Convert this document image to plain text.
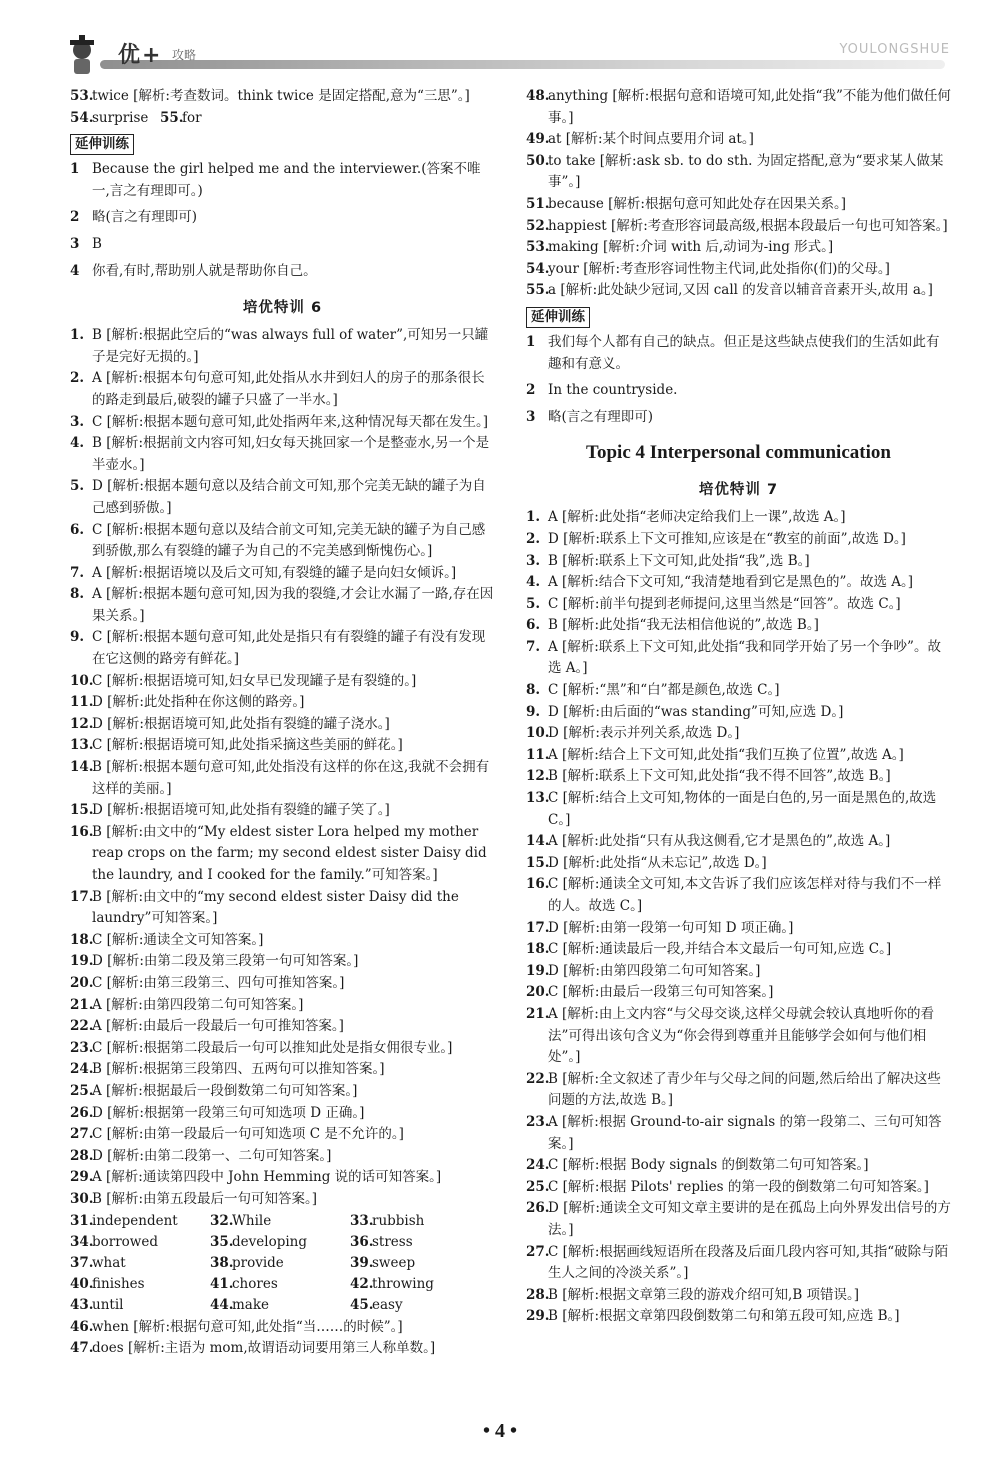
优+ 攻略	YOULONGSHUE
53.twice [解析:考查数词。think twice 是固定搭配,意为“三思”。]
54.surprise 55.for
延伸训练
1 Because the girl helped me and the interviewer.(答案不唯一,言之有理即可。)
2 略(言之有理即可)
3 B
4 你看,有时,帮助别人就是帮助你自己。
培优特训 6
1. B [解析:根据此空后的“was always full of water”,可知另一只罐子是完好无损的。]
2. A [解析:根据本句句意可知,此处指从水井到妇人的房子的那条很长的路走到最后,破裂的罐子只盛了一半水。]
3. C [解析:根据本题句意可知,此处指两年来,这种情况每天都在发生。]
4. B [解析:根据前文内容可知,妇女每天挑回家一个是整壶水,另一个是半壶水。]
5. D [解析:根据本题句意以及结合前文可知,那个完美无缺的罐子为自己感到骄傲。]
6. C [解析:根据本题句意以及结合前文可知,完美无缺的罐子为自己感到骄傲,那么有裂缝的罐子为自己的不完美感到惭愧伤心。]
7. A [解析:根据语境以及后文可知,有裂缝的罐子是向妇女倾诉。]
8. A [解析:根据本题句意可知,因为我的裂缝,才会让水漏了一路,存在因果关系。]
9. C [解析:根据本题句意可知,此处是指只有有裂缝的罐子有没有发现在它这侧的路旁有鲜花。]
10.C [解析:根据语境可知,妇女早已发现罐子是有裂缝的。]
11.D [解析:此处指种在你这侧的路旁。]
12.D [解析:根据语境可知,此处指有裂缝的罐子浇水。]
13.C [解析:根据语境可知,此处指采摘这些美丽的鲜花。]
14.B [解析:根据本题句意可知,此处指没有这样的你在这,我就不会拥有这样的美丽。]
15.D [解析:根据语境可知,此处指有裂缝的罐子笑了。]
16.B [解析:由文中的“My eldest sister Lora helped my mother reap crops on the farm; my second eldest sister Daisy did the laundry, and I cooked for the family.”可知答案。]
17.B [解析:由文中的“my second eldest sister Daisy did the laundry”可知答案。]
18.C [解析:通读全文可知答案。]
19.D [解析:由第二段及第三段第一句可知答案。]
20.C [解析:由第三段第三、四句可推知答案。]
21.A [解析:由第四段第二句可知答案。]
22.A [解析:由最后一段最后一句可推知答案。]
23.C [解析:根据第二段最后一句可以推知此处是指女佣很专业。]
24.B [解析:根据第三段第四、五两句可以推知答案。]
25.A [解析:根据最后一段倒数第二句可知答案。]
26.D [解析:根据第一段第三句可知选项 D 正确。]
27.C [解析:由第一段最后一句可知选项 C 是不允许的。]
28.D [解析:由第二段第一、二句可知答案。]
29.A [解析:通读第四段中 John Hemming 说的话可知答案。]
30.B [解析:由第五段最后一句可知答案。]
31.independent	32.While	33.rubbish
34.borrowed	35.developing	36.stress
37.what	38.provide	39.sweep
40.finishes	41.chores	42.throwing
43.until	44.make	45.easy
46.when [解析:根据句意可知,此处指“当……的时候”。]
47.does [解析:主语为 mom,故谓语动词要用第三人称单数。]
48.anything [解析:根据句意和语境可知,此处指“我”不能为他们做任何事。]
49.at [解析:某个时间点要用介词 at。]
50.to take [解析:ask sb. to do sth. 为固定搭配,意为“要求某人做某事”。]
51.because [解析:根据句意可知此处存在因果关系。]
52.happiest [解析:考查形容词最高级,根据本段最后一句也可知答案。]
53.making [解析:介词 with 后,动词为-ing 形式。]
54.your [解析:考查形容词性物主代词,此处指你(们)的父母。]
55.a [解析:此处缺少冠词,又因 call 的发音以辅音音素开头,故用 a。]
延伸训练
1 我们每个人都有自己的缺点。但正是这些缺点使我们的生活如此有趣和有意义。
2 In the countryside.
3 略(言之有理即可)
Topic 4 Interpersonal communication
培优特训 7
1. A [解析:此处指“老师决定给我们上一课”,故选 A。]
2. D [解析:联系上下文可推知,应该是在“教室的前面”,故选 D。]
3. B [解析:联系上下文可知,此处指“我”,选 B。]
4. A [解析:结合下文可知,“我清楚地看到它是黑色的”。故选 A。]
5. C [解析:前半句提到老师提问,这里当然是“回答”。故选 C。]
6. B [解析:此处指“我无法相信他说的”,故选 B。]
7. A [解析:联系上下文可知,此处指“我和同学开始了另一个争吵”。故选 A。]
8. C [解析:“黑”和“白”都是颜色,故选 C。]
9. D [解析:由后面的“was standing”可知,应选 D。]
10.D [解析:表示并列关系,故选 D。]
11.A [解析:结合上下文可知,此处指“我们互换了位置”,故选 A。]
12.B [解析:联系上下文可知,此处指“我不得不回答”,故选 B。]
13.C [解析:结合上文可知,物体的一面是白色的,另一面是黑色的,故选 C。]
14.A [解析:此处指“只有从我这侧看,它才是黑色的”,故选 A。]
15.D [解析:此处指“从未忘记”,故选 D。]
16.C [解析:通读全文可知,本文告诉了我们应该怎样对待与我们不一样的人。故选 C。]
17.D [解析:由第一段第一句可知 D 项正确。]
18.C [解析:通读最后一段,并结合本文最后一句可知,应选 C。]
19.D [解析:由第四段第二句可知答案。]
20.C [解析:由最后一段第三句可知答案。]
21.A [解析:由上文内容“与父母交谈,这样父母就会较认真地听你的看法”可得出该句含义为“你会得到尊重并且能够学会如何与他们相处”。]
22.B [解析:全文叙述了青少年与父母之间的问题,然后给出了解决这些问题的方法,故选 B。]
23.A [解析:根据 Ground-to-air signals 的第一段第二、三句可知答案。]
24.C [解析:根据 Body signals 的倒数第二句可知答案。]
25.C [解析:根据 Pilots' replies 的第一段的倒数第二句可知答案。]
26.D [解析:通读全文可知文章主要讲的是在孤岛上向外界发出信号的方法。]
27.C [解析:根据画线短语所在段落及后面几段内容可知,其指“破除与陌生人之间的冷淡关系”。]
28.B [解析:根据文章第三段的游戏介绍可知,B 项错误。]
29.B [解析:根据文章第四段倒数第二句和第五段可知,应选 B。]
• 4 •
